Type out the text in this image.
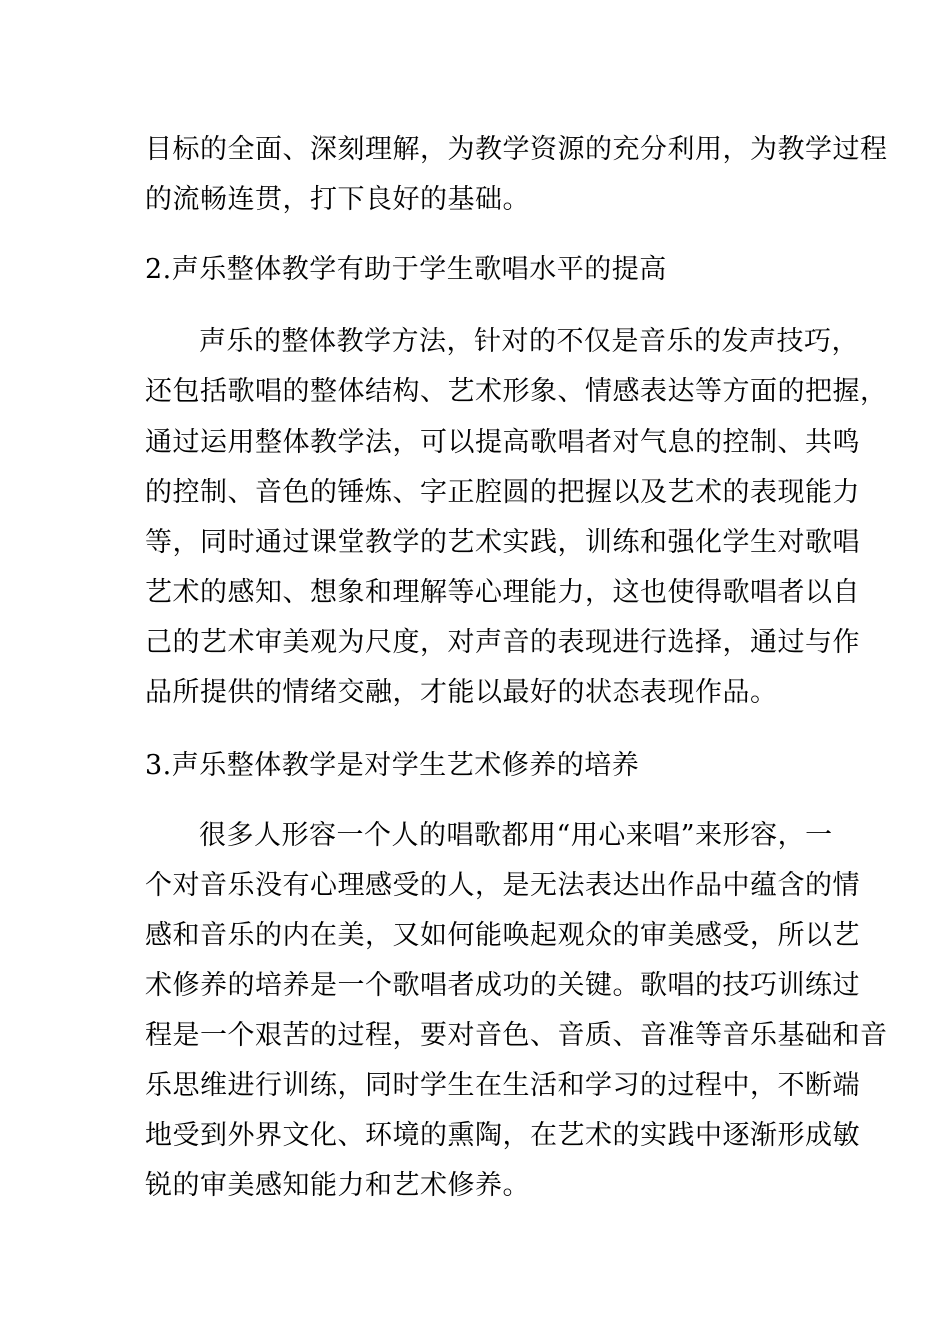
目标的全面、深刻理解，为教学资源的充分利用，为教学过程
的流畅连贯，打下良好的基础。
2.声乐整体教学有助于学生歌唱水平的提高
声乐的整体教学方法，针对的不仅是音乐的发声技巧，
还包括歌唱的整体结构、艺术形象、情感表达等方面的把握，
通过运用整体教学法，可以提高歌唱者对气息的控制、共鸣
的控制、音色的锤炼、字正腔圆的把握以及艺术的表现能力
等，同时通过课堂教学的艺术实践，训练和强化学生对歌唱
艺术的感知、想象和理解等心理能力，这也使得歌唱者以自
己的艺术审美观为尺度，对声音的表现进行选择，通过与作
品所提供的情绪交融，才能以最好的状态表现作品。
3.声乐整体教学是对学生艺术修养的培养
很多人形容一个人的唱歌都用“用心来唱”来形容，一
个对音乐没有心理感受的人，是无法表达出作品中蕴含的情
感和音乐的内在美，又如何能唤起观众的审美感受，所以艺
术修养的培养是一个歌唱者成功的关键。歌唱的技巧训练过
程是一个艰苦的过程，要对音色、音质、音准等音乐基础和音
乐思维进行训练，同时学生在生活和学习的过程中，不断端
地受到外界文化、环境的熏陶，在艺术的实践中逐渐形成敏
锐的审美感知能力和艺术修养。
